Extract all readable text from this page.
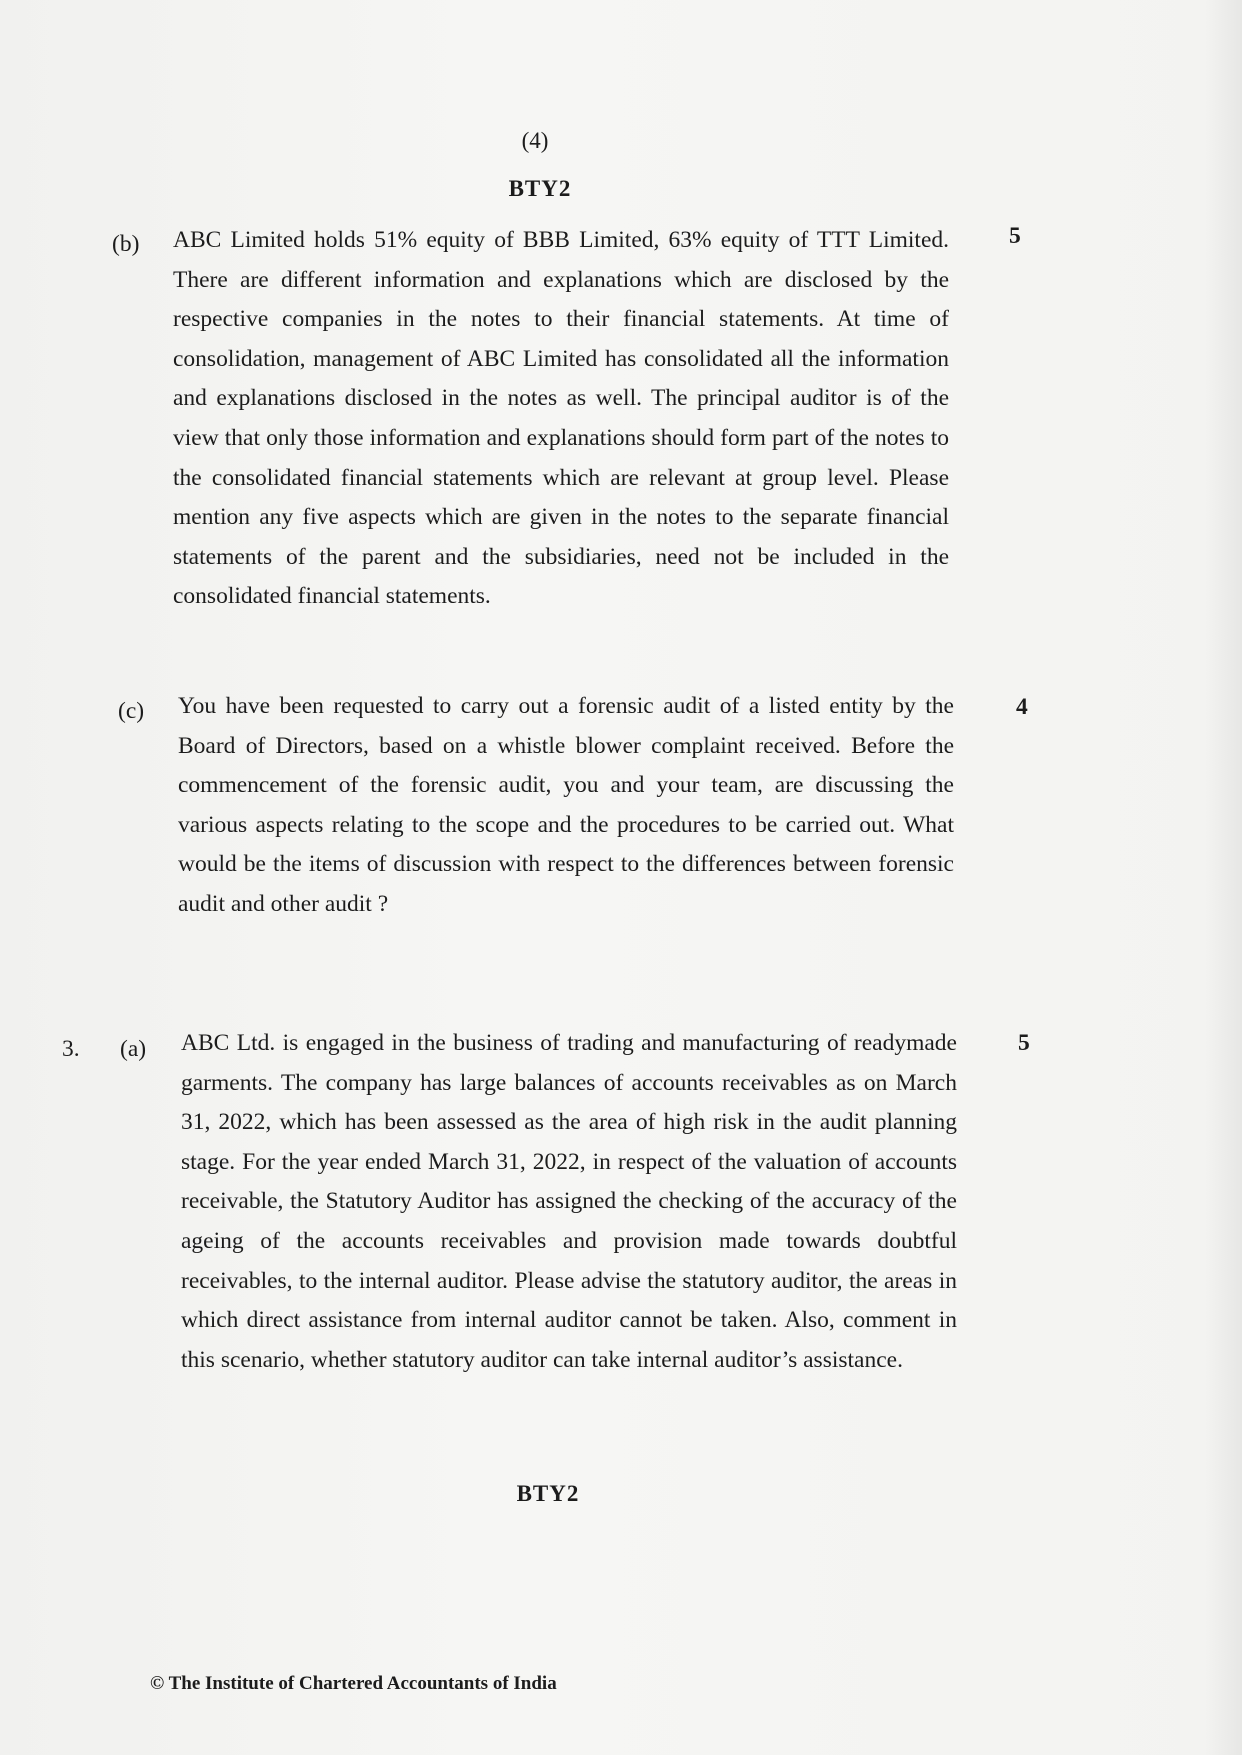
(4)
BTY2
(b) ABC Limited holds 51% equity of BBB Limited, 63% equity of TTT Limited. There are different information and explanations which are disclosed by the respective companies in the notes to their financial statements. At time of consolidation, management of ABC Limited has consolidated all the information and explanations disclosed in the notes as well. The principal auditor is of the view that only those information and explanations should form part of the notes to the consolidated financial statements which are relevant at group level. Please mention any five aspects which are given in the notes to the separate financial statements of the parent and the subsidiaries, need not be included in the consolidated financial statements.
5
(c) You have been requested to carry out a forensic audit of a listed entity by the Board of Directors, based on a whistle blower complaint received. Before the commencement of the forensic audit, you and your team, are discussing the various aspects relating to the scope and the procedures to be carried out. What would be the items of discussion with respect to the differences between forensic audit and other audit ?
4
3. (a) ABC Ltd. is engaged in the business of trading and manufacturing of readymade garments. The company has large balances of accounts receivables as on March 31, 2022, which has been assessed as the area of high risk in the audit planning stage. For the year ended March 31, 2022, in respect of the valuation of accounts receivable, the Statutory Auditor has assigned the checking of the accuracy of the ageing of the accounts receivables and provision made towards doubtful receivables, to the internal auditor. Please advise the statutory auditor, the areas in which direct assistance from internal auditor cannot be taken. Also, comment in this scenario, whether statutory auditor can take internal auditor’s assistance.
5
BTY2
© The Institute of Chartered Accountants of India
